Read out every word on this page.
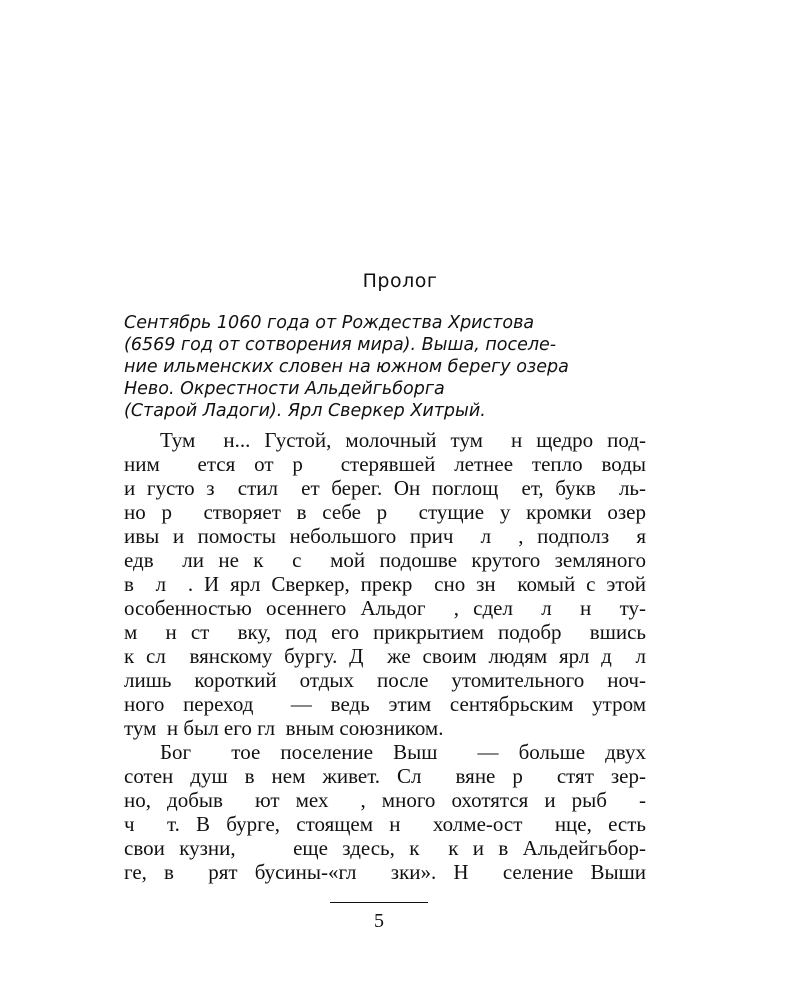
Пролог
Сентябрь 1060 года от Рождества Христова
(6569 год от сотворения мира). Выша, поселе-
ние ильменских словен на южном берегу озера
Нево. Окрестности Альдейгьборга
(Старой Ладоги). Ярл Сверкер Хитрый.
Тум  н... Густой, молочный тум  н щедро под-
ним  ется от р  стерявшей летнее тепло воды
и густо з  стил  ет берег. Он поглощ  ет, букв  ль-
но р  створяет в себе р  стущие у кромки озер
ивы и помосты небольшого прич  л  , подполз  я
едв  ли не к  с  мой подошве крутого земляного
в  л  . И ярл Сверкер, прекр  сно зн  комый с этой
особенностью осеннего Альдог  , сдел  л  н  ту-
м  н ст  вку, под его прикрытием подобр  вшись
к сл  вянскому бургу. Д  же своим людям ярл д  л
лишь короткий отдых после утомительного ноч-
ного переход  — ведь этим сентябрьским утром
тум  н был его гл  вным союзником.
Бог  тое поселение Выш  — больше двух
сотен душ в нем живет. Сл  вяне р  стят зер-
но, добыв  ют мех  , много охотятся и рыб  -
ч  т. В бурге, стоящем н  холме-ост  нце, есть
свои кузни,    еще здесь, к  к и в Альдейгьбор-
ге, в  рят бусины-«гл  зки». Н  селение Выши
5
